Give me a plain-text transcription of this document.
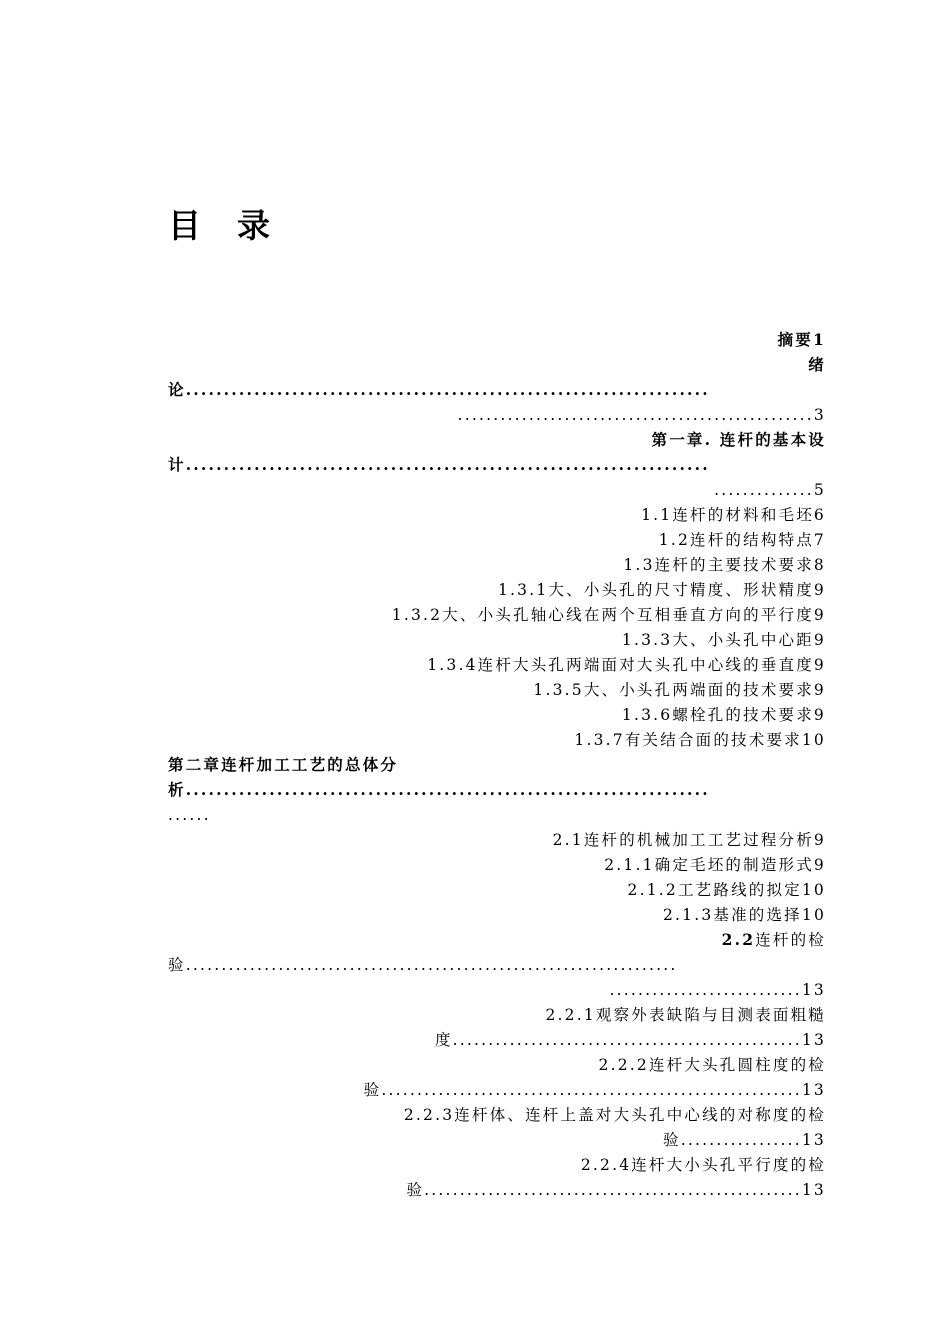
目 录
摘要1
绪
论.....................................................................
..................................................3
第一章. 连杆的基本设
计.....................................................................
..............5
1.1连杆的材料和毛坯6
1.2连杆的结构特点7
1.3连杆的主要技术要求8
1.3.1大、小头孔的尺寸精度、形状精度9
1.3.2大、小头孔轴心线在两个互相垂直方向的平行度9
1.3.3大、小头孔中心距9
1.3.4连杆大头孔两端面对大头孔中心线的垂直度9
1.3.5大、小头孔两端面的技术要求9
1.3.6螺栓孔的技术要求9
1.3.7有关结合面的技术要求10
第二章连杆加工工艺的总体分
析.....................................................................
......
2.1连杆的机械加工工艺过程分析9
2.1.1确定毛坯的制造形式9
2.1.2工艺路线的拟定10
2.1.3基准的选择10
2.2连杆的检
验.....................................................................
...........................13
2.2.1观察外表缺陷与目测表面粗糙
度.................................................13
2.2.2连杆大头孔圆柱度的检
验...........................................................13
2.2.3连杆体、连杆上盖对大头孔中心线的对称度的检
验.................13
2.2.4连杆大小头孔平行度的检
验.....................................................13
